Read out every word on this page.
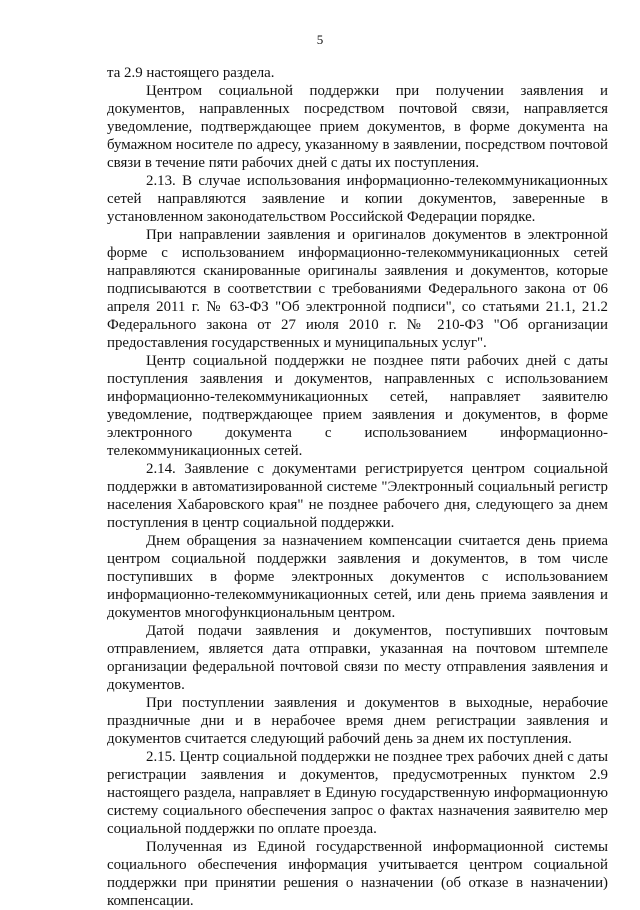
5

та 2.9 настоящего раздела.

Центром социальной поддержки при получении заявления и документов, направленных посредством почтовой связи, направляется уведомление, подтверждающее прием документов, в форме документа на бумажном носителе по адресу, указанному в заявлении, посредством почтовой связи в течение пяти рабочих дней с даты их поступления.

2.13. В случае использования информационно-телекоммуникационных сетей направляются заявление и копии документов, заверенные в установленном законодательством Российской Федерации порядке.

При направлении заявления и оригиналов документов в электронной форме с использованием информационно-телекоммуникационных сетей направляются сканированные оригиналы заявления и документов, которые подписываются в соответствии с требованиями Федерального закона от 06 апреля 2011 г. № 63-ФЗ "Об электронной подписи", со статьями 21.1, 21.2 Федерального закона от 27 июля 2010 г. № 210-ФЗ "Об организации предоставления государственных и муниципальных услуг".

Центр социальной поддержки не позднее пяти рабочих дней с даты поступления заявления и документов, направленных с использованием информационно-телекоммуникационных сетей, направляет заявителю уведомление, подтверждающее прием заявления и документов, в форме электронного документа с использованием информационно-телекоммуникационных сетей.

2.14. Заявление с документами регистрируется центром социальной поддержки в автоматизированной системе "Электронный социальный регистр населения Хабаровского края" не позднее рабочего дня, следующего за днем поступления в центр социальной поддержки.

Днем обращения за назначением компенсации считается день приема центром социальной поддержки заявления и документов, в том числе поступивших в форме электронных документов с использованием информационно-телекоммуникационных сетей, или день приема заявления и документов многофункциональным центром.

Датой подачи заявления и документов, поступивших почтовым отправлением, является дата отправки, указанная на почтовом штемпеле организации федеральной почтовой связи по месту отправления заявления и документов.

При поступлении заявления и документов в выходные, нерабочие праздничные дни и в нерабочее время днем регистрации заявления и документов считается следующий рабочий день за днем их поступления.

2.15. Центр социальной поддержки не позднее трех рабочих дней с даты регистрации заявления и документов, предусмотренных пунктом 2.9 настоящего раздела, направляет в Единую государственную информационную систему социального обеспечения запрос о фактах назначения заявителю мер социальной поддержки по оплате проезда.

Полученная из Единой государственной информационной системы социального обеспечения информация учитывается центром социальной поддержки при принятии решения о назначении (об отказе в назначении) компенсации.
